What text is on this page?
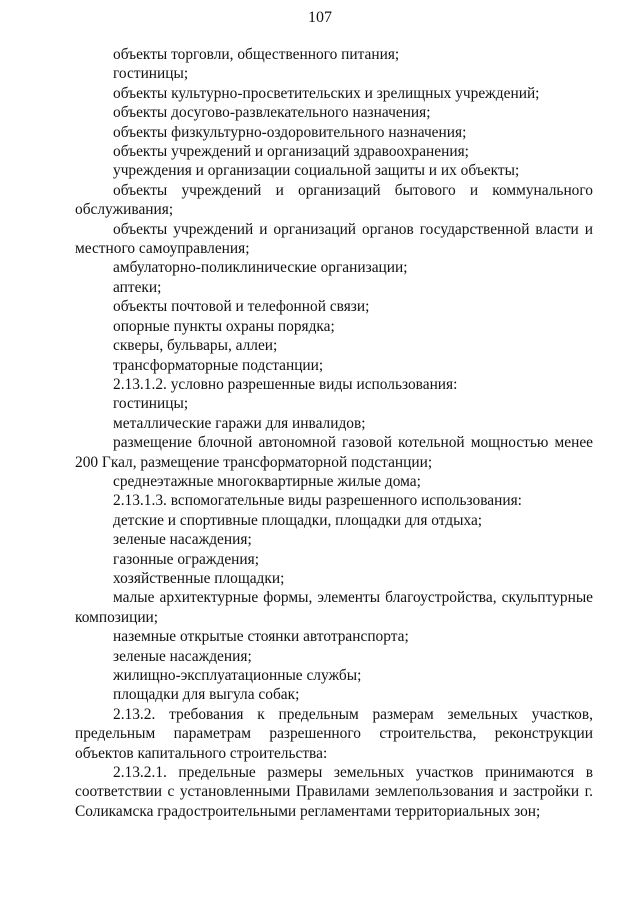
107

объекты торговли, общественного питания;

гостиницы;

объекты культурно-просветительских и зрелищных учреждений;

объекты досугово-развлекательного назначения;

объекты физкультурно-оздоровительного назначения;

объекты учреждений и организаций здравоохранения;

учреждения и организации социальной защиты и их объекты;

объекты учреждений и организаций бытового и коммунального обслуживания;

объекты учреждений и организаций органов государственной власти и местного самоуправления;

амбулаторно-поликлинические организации;

аптеки;

объекты почтовой и телефонной связи;

опорные пункты охраны порядка;

скверы, бульвары, аллеи;

трансформаторные подстанции;

2.13.1.2. условно разрешенные виды использования:

гостиницы;

металлические гаражи для инвалидов;

размещение блочной автономной газовой котельной мощностью менее 200 Гкал, размещение трансформаторной подстанции;

среднеэтажные многоквартирные жилые дома;

2.13.1.3. вспомогательные виды разрешенного использования:

детские и спортивные площадки, площадки для отдыха;

зеленые насаждения;

газонные ограждения;

хозяйственные площадки;

малые архитектурные формы, элементы благоустройства, скульптурные композиции;

наземные открытые стоянки автотранспорта;

зеленые насаждения;

жилищно-эксплуатационные службы;

площадки для выгула собак;

2.13.2. требования к предельным размерам земельных участков, предельным параметрам разрешенного строительства, реконструкции объектов капитального строительства:

2.13.2.1. предельные размеры земельных участков принимаются в соответствии с установленными Правилами землепользования и застройки г. Соликамска градостроительными регламентами территориальных зон;
